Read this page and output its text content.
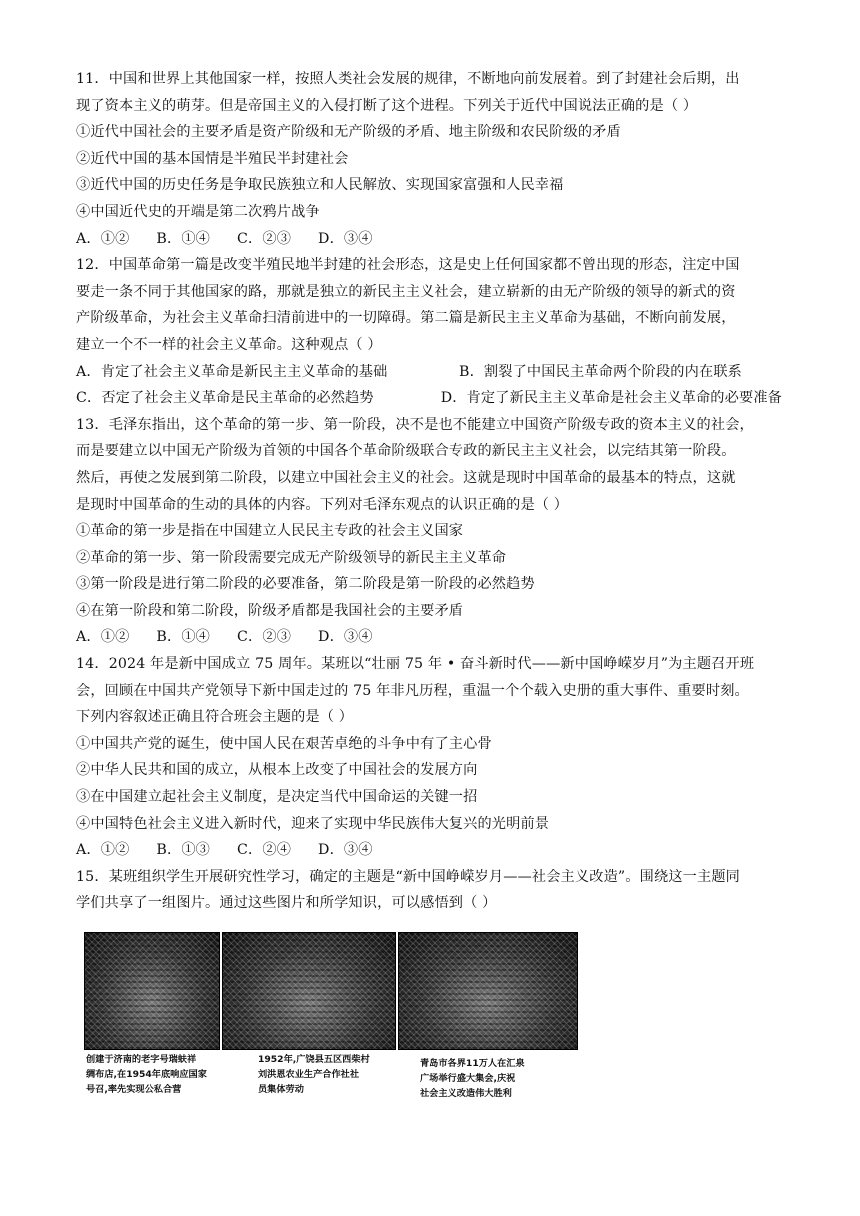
11．中国和世界上其他国家一样，按照人类社会发展的规律，不断地向前发展着。到了封建社会后期，出
现了资本主义的萌芽。但是帝国主义的入侵打断了这个进程。下列关于近代中国说法正确的是（ ）
①近代中国社会的主要矛盾是资产阶级和无产阶级的矛盾、地主阶级和农民阶级的矛盾
②近代中国的基本国情是半殖民半封建社会
③近代中国的历史任务是争取民族独立和人民解放、实现国家富强和人民幸福
④中国近代史的开端是第二次鸦片战争
A．①② B．①④ C．②③ D．③④
12．中国革命第一篇是改变半殖民地半封建的社会形态，这是史上任何国家都不曾出现的形态，注定中国
要走一条不同于其他国家的路，那就是独立的新民主主义社会，建立崭新的由无产阶级的领导的新式的资
产阶级革命，为社会主义革命扫清前进中的一切障碍。第二篇是新民主主义革命为基础，不断向前发展，
建立一个不一样的社会主义革命。这种观点（ ）
A．肯定了社会主义革命是新民主主义革命的基础	B．割裂了中国民主革命两个阶段的内在联系
C．否定了社会主义革命是民主革命的必然趋势	D．肯定了新民主主义革命是社会主义革命的必要准备
13．毛泽东指出，这个革命的第一步、第一阶段，决不是也不能建立中国资产阶级专政的资本主义的社会，
而是要建立以中国无产阶级为首领的中国各个革命阶级联合专政的新民主主义社会，以完结其第一阶段。
然后，再使之发展到第二阶段，以建立中国社会主义的社会。这就是现时中国革命的最基本的特点，这就
是现时中国革命的生动的具体的内容。下列对毛泽东观点的认识正确的是（ ）
①革命的第一步是指在中国建立人民民主专政的社会主义国家
②革命的第一步、第一阶段需要完成无产阶级领导的新民主主义革命
③第一阶段是进行第二阶段的必要准备，第二阶段是第一阶段的必然趋势
④在第一阶段和第二阶段，阶级矛盾都是我国社会的主要矛盾
A．①② B．①④ C．②③ D．③④
14．2024 年是新中国成立 75 周年。某班以“壮丽 75 年 • 奋斗新时代——新中国峥嵘岁月”为主题召开班
会，回顾在中国共产党领导下新中国走过的 75 年非凡历程，重温一个个载入史册的重大事件、重要时刻。
下列内容叙述正确且符合班会主题的是（ ）
①中国共产党的诞生，使中国人民在艰苦卓绝的斗争中有了主心骨
②中华人民共和国的成立，从根本上改变了中国社会的发展方向
③在中国建立起社会主义制度，是决定当代中国命运的关键一招
④中国特色社会主义进入新时代，迎来了实现中华民族伟大复兴的光明前景
A．①② B．①③ C．②④ D．③④
15．某班组织学生开展研究性学习，确定的主题是“新中国峥嵘岁月——社会主义改造”。围绕这一主题同
学们共享了一组图片。通过这些图片和所学知识，可以感悟到（ ）
创建于济南的老字号瑞蚨祥
绸布店,在1954年底响应国家
号召,率先实现公私合营
1952年,广饶县五区西柴村
刘洪恩农业生产合作社社
员集体劳动
青岛市各界11万人在汇泉
广场举行盛大集会,庆祝
社会主义改造伟大胜利
